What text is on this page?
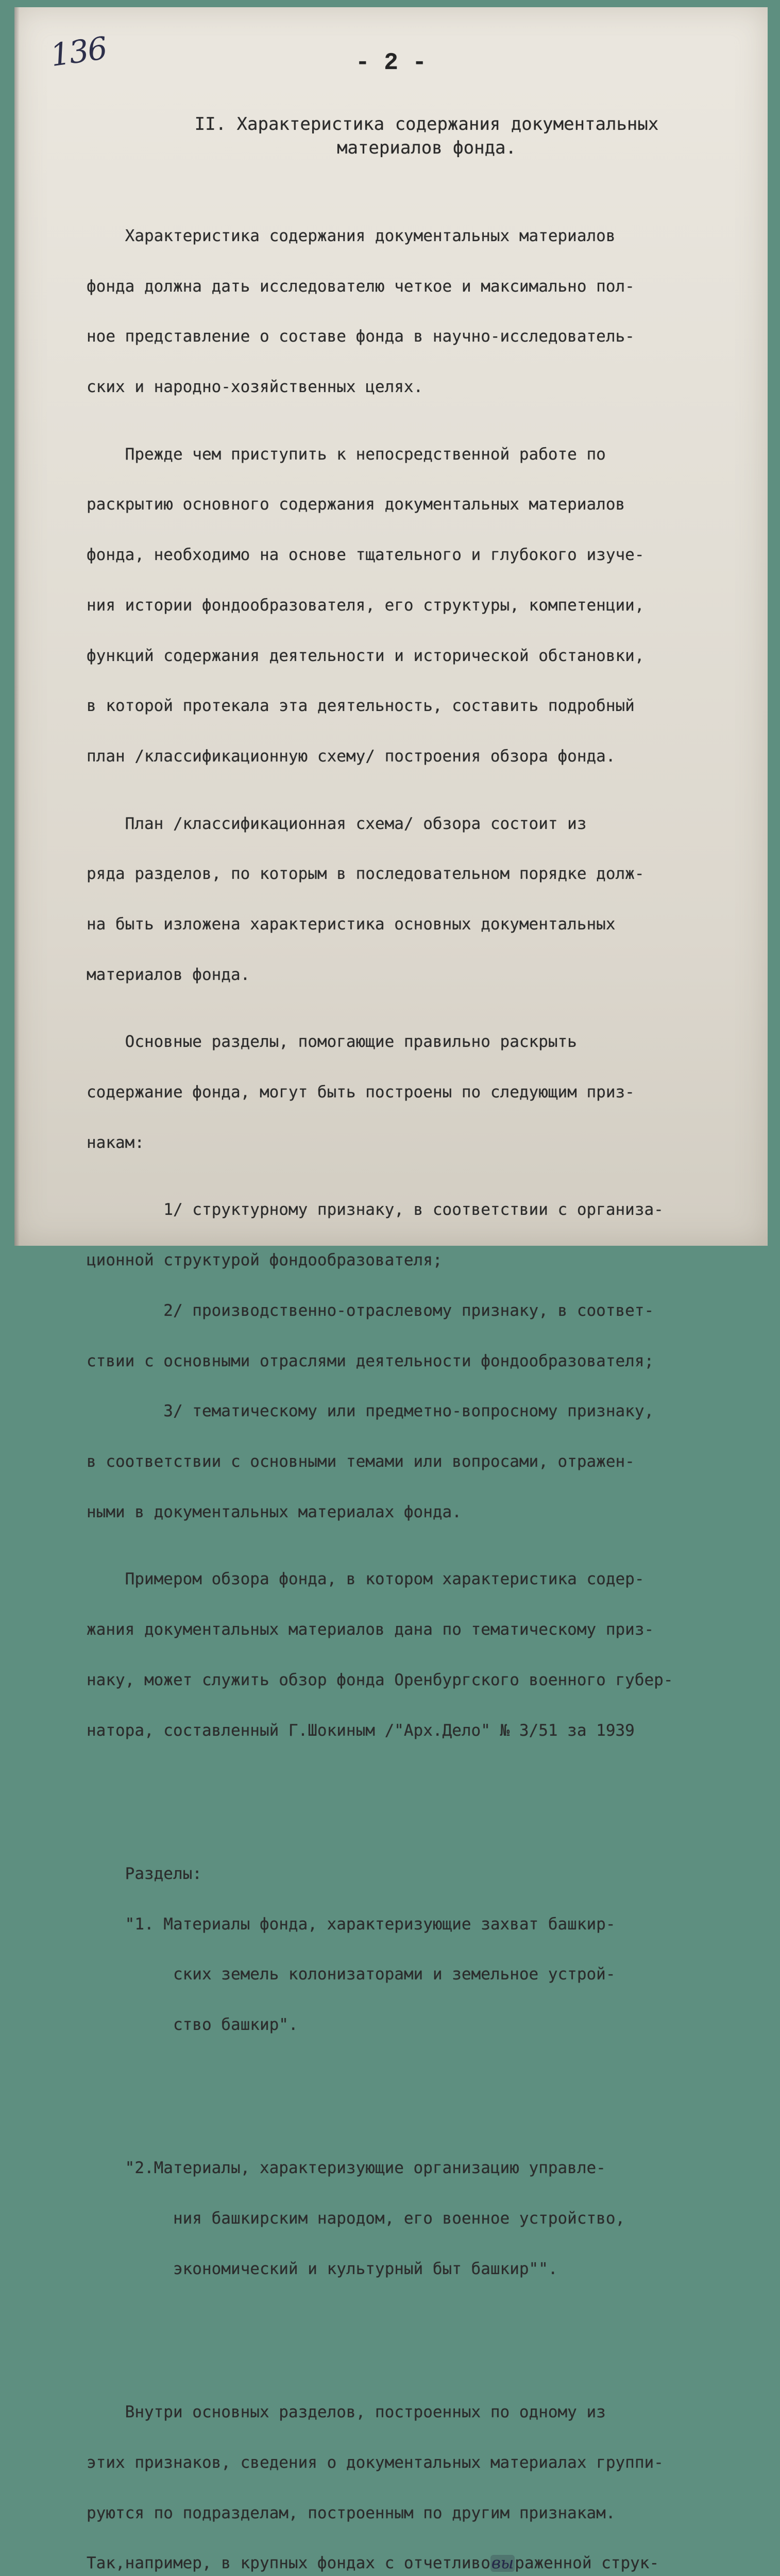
136	- 2 -
II. Характеристика содержания документальных
материалов фонда.

Характеристика содержания документальных материалов

фонда должна дать исследователю четкое и максимально пол-

ное представление о составе фонда в научно-исследователь-

ских и народно-хозяйственных целях.

Прежде чем приступить к непосредственной работе по

раскрытию основного содержания документальных материалов

фонда, необходимо на основе тщательного и глубокого изуче-

ния истории фондообразователя, его структуры, компетенции,

функций содержания деятельности и исторической обстановки,

в которой протекала эта деятельность, составить подробный

план /классификационную схему/ построения обзора фонда.

План /классификационная схема/ обзора состоит из

ряда разделов, по которым в последовательном порядке долж-

на быть изложена характеристика основных документальных

материалов фонда.

Основные разделы, помогающие правильно раскрыть

содержание фонда, могут быть построены по следующим приз-

накам:

1/ структурному признаку, в соответствии с организа-

ционной структурой фондообразователя;

2/ производственно-отраслевому признаку, в соответ-

ствии с основными отраслями деятельности фондообразователя;

3/ тематическому или предметно-вопросному признаку,

в соответствии с основными темами или вопросами, отражен-

ными в документальных материалах фонда.

Примером обзора фонда, в котором характеристика содер-

жания документальных материалов дана по тематическому приз-

наку, может служить обзор фонда Оренбургского военного губер-

натора, составленный Г.Шокиным /"Арх.Дело" № 3/51 за 1939

Разделы:

"1. Материалы фонда, характеризующие захват башкир-

ских земель колонизаторами и земельное устрой-

ство башкир".

"2.Материалы, характеризующие организацию управле-

ния башкирским народом, его военное устройство,

экономический и культурный быт башкир"".

Внутри основных разделов, построенных по одному из

этих признаков, сведения о документальных материалах группи-

руются по подразделам, построенным по другим признакам.

Так,например, в крупных фондах с отчетливовыраженной струк-
